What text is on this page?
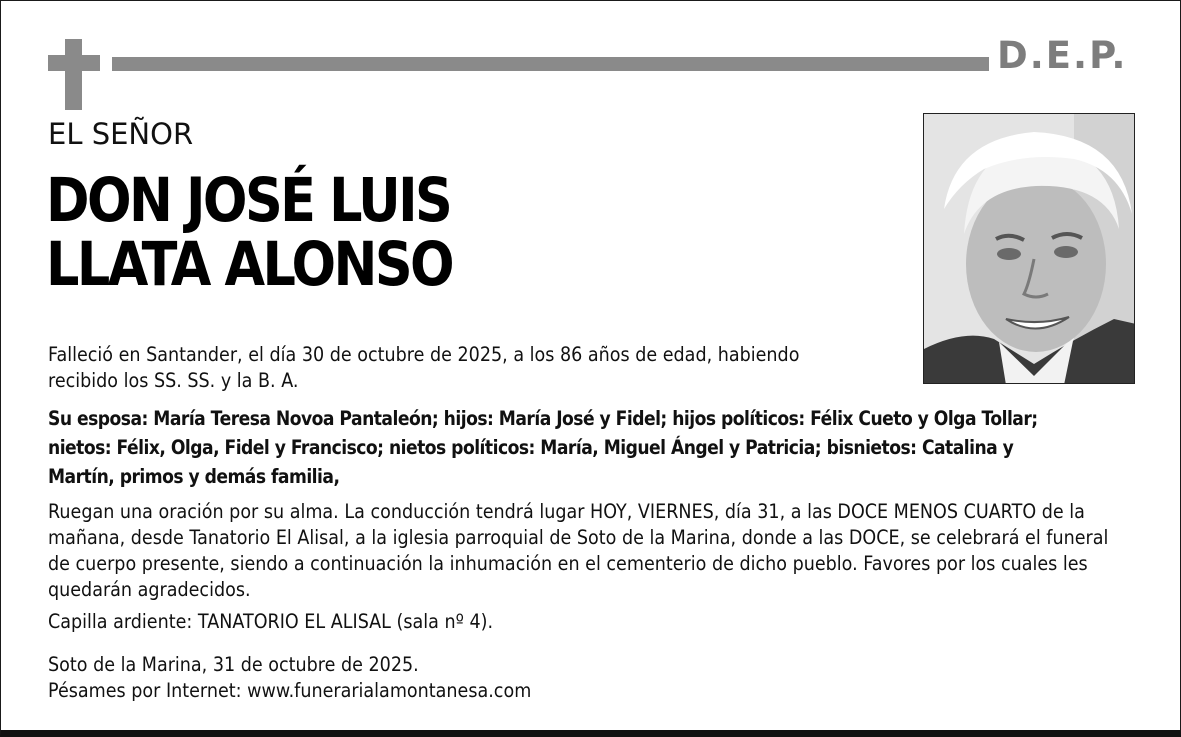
D.E.P.
EL SEÑOR
DON JOSÉ LUIS
LLATA ALONSO
Falleció en Santander, el día 30 de octubre de 2025, a los 86 años de edad, habiendo recibido los SS. SS. y la B. A.
Su esposa: María Teresa Novoa Pantaleón; hijos: María José y Fidel; hijos políticos: Félix Cueto y Olga Tollar; nietos: Félix, Olga, Fidel y Francisco; nietos políticos: María, Miguel Ángel y Patricia; bisnietos: Catalina y Martín, primos y demás familia,
Ruegan una oración por su alma. La conducción tendrá lugar HOY, VIERNES, día 31, a las DOCE MENOS CUARTO de la mañana, desde Tanatorio El Alisal, a la iglesia parroquial de Soto de la Marina, donde a las DOCE, se celebrará el funeral de cuerpo presente, siendo a continuación la inhumación en el cementerio de dicho pueblo. Favores por los cuales les quedarán agradecidos.
Capilla ardiente: TANATORIO EL ALISAL (sala nº 4).
Soto de la Marina, 31 de octubre de 2025.
Pésames por Internet: www.funerarialamontanesa.com
